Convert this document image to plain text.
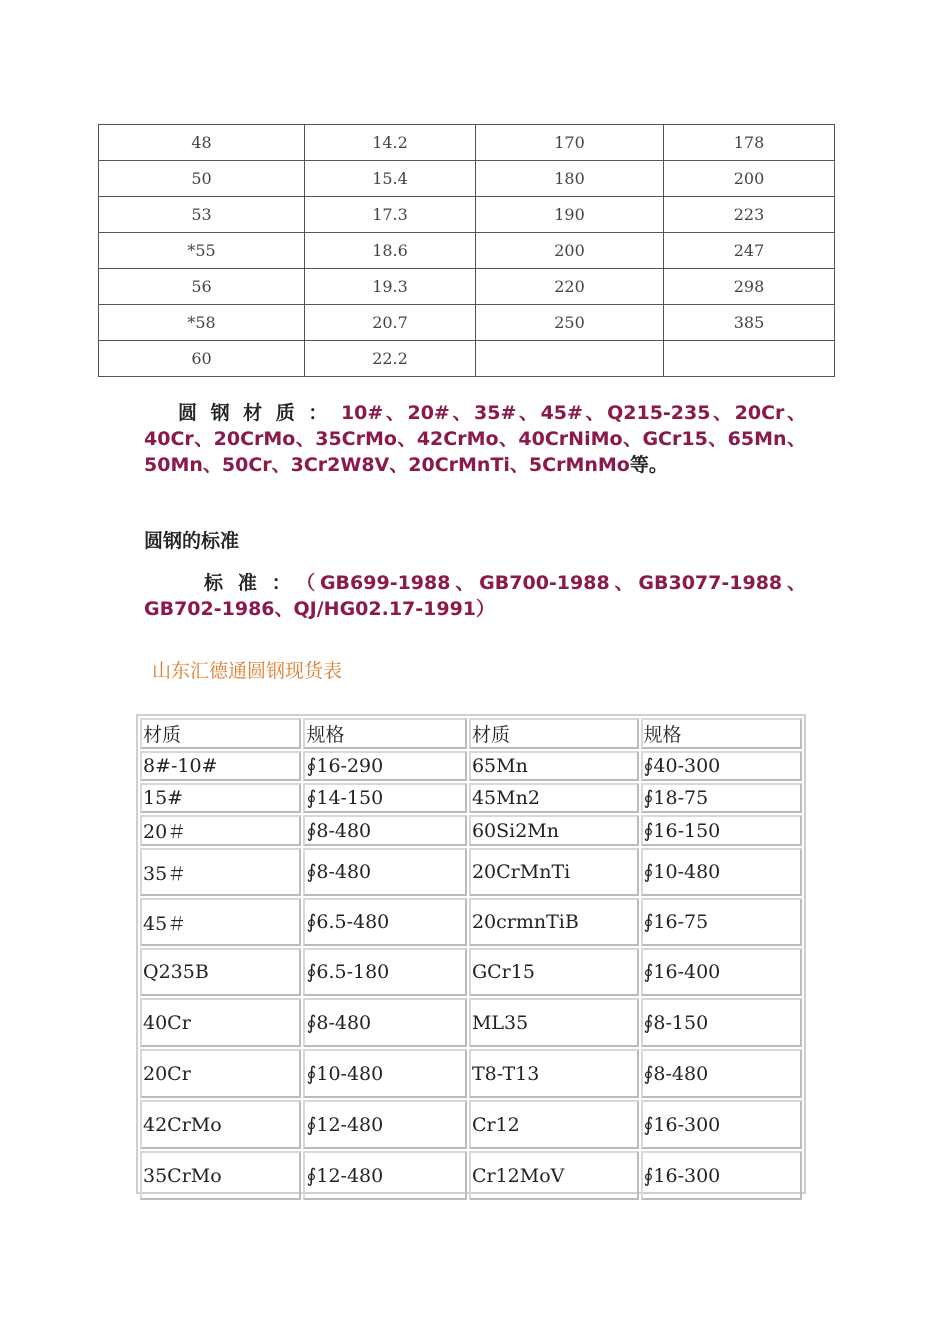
48	14.2	170	178
50	15.4	180	200
53	17.3	190	223
*55	18.6	200	247
56	19.3	220	298
*58	20.7	250	385
60	22.2		
圆钢材质：10#、20#、35#、45#、Q215-235、20Cr、40Cr、20CrMo、35CrMo、42CrMo、40CrNiMo、GCr15、65Mn、50Mn、50Cr、3Cr2W8V、20CrMnTi、5CrMnMo等。
圆钢的标准
标准：（GB699-1988、GB700-1988、GB3077-1988、GB702-1986、QJ/HG02.17-1991）
山东汇德通圆钢现货表
材质	规格	材质	规格
8#-10#	∮16-290	65Mn	∮40-300
15#	∮14-150	45Mn2	∮18-75
20＃	∮8-480	60Si2Mn	∮16-150
35＃	∮8-480	20CrMnTi	∮10-480
45＃	∮6.5-480	20crmnTiB	∮16-75
Q235B	∮6.5-180	GCr15	∮16-400
40Cr	∮8-480	ML35	∮8-150
20Cr	∮10-480	T8-T13	∮8-480
42CrMo	∮12-480	Cr12	∮16-300
35CrMo	∮12-480	Cr12MoV	∮16-300
